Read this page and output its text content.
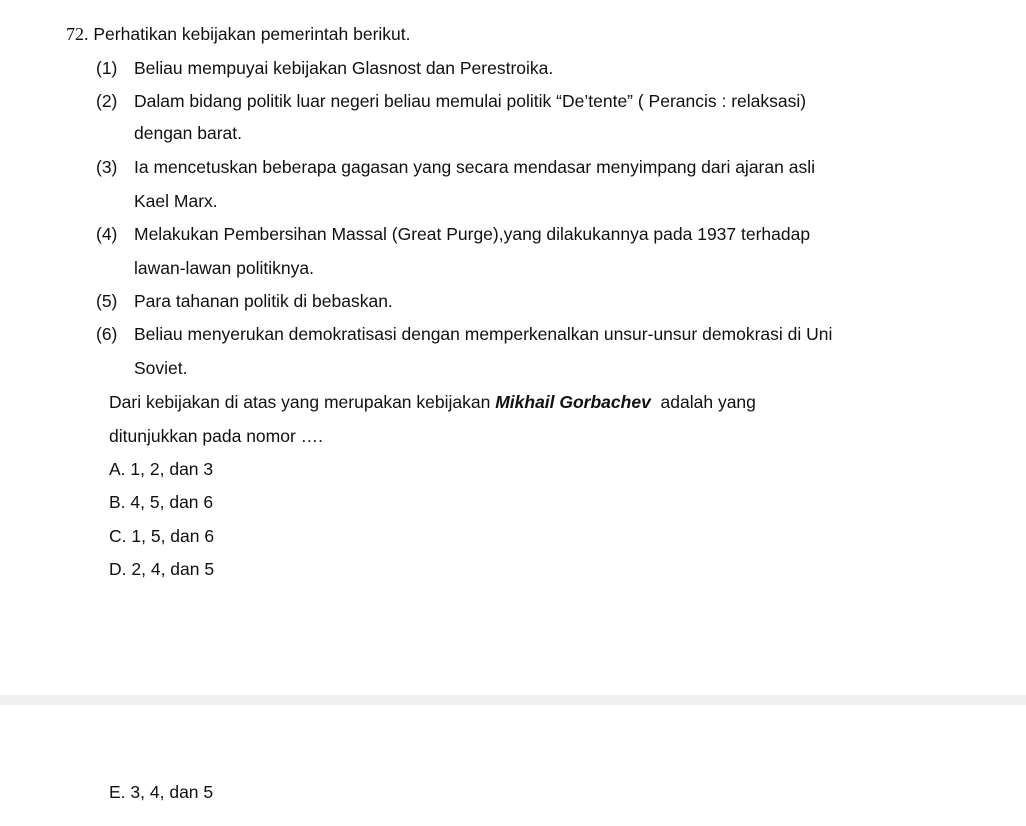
72. Perhatikan kebijakan pemerintah berikut.
(1) Beliau mempuyai kebijakan Glasnost dan Perestroika.
(2) Dalam bidang politik luar negeri beliau memulai politik “De’tente” ( Perancis : relaksasi)
dengan barat.
(3) Ia mencetuskan beberapa gagasan yang secara mendasar menyimpang dari ajaran asli
Kael Marx.
(4) Melakukan Pembersihan Massal (Great Purge),yang dilakukannya pada 1937 terhadap
lawan-lawan politiknya.
(5) Para tahanan politik di bebaskan.
(6) Beliau menyerukan demokratisasi dengan memperkenalkan unsur-unsur demokrasi di Uni
Soviet.
Dari kebijakan di atas yang merupakan kebijakan Mikhail Gorbachev  adalah yang
ditunjukkan pada nomor ….
A. 1, 2, dan 3
B. 4, 5, dan 6
C. 1, 5, dan 6
D. 2, 4, dan 5
E. 3, 4, dan 5
